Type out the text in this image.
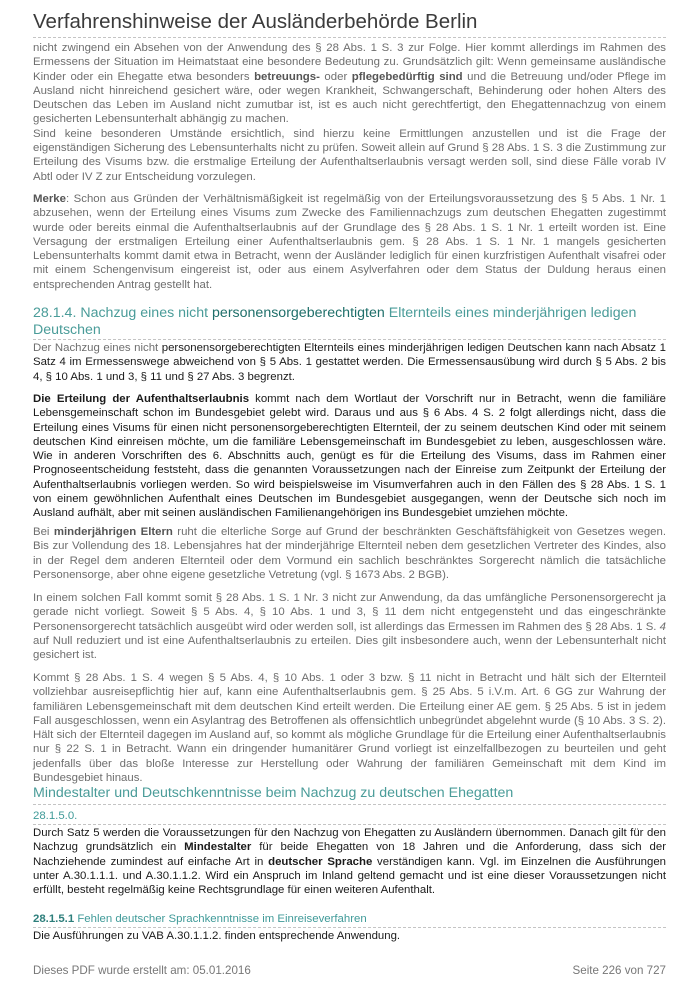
Verfahrenshinweise der Ausländerbehörde Berlin

nicht zwingend ein Absehen von der Anwendung des § 28 Abs. 1 S. 3 zur Folge. Hier kommt allerdings im Rahmen des Ermessens der Situation im Heimatstaat eine besondere Bedeutung zu. Grundsätzlich gilt: Wenn gemeinsame ausländische Kinder oder ein Ehegatte etwa besonders betreuungs- oder pflegebedürftig sind und die Betreuung und/oder Pflege im Ausland nicht hinreichend gesichert wäre, oder wegen Krankheit, Schwangerschaft, Behinderung oder hohen Alters des Deutschen das Leben im Ausland nicht zumutbar ist, ist es auch nicht gerechtfertigt, den Ehegattennachzug von einem gesicherten Lebensunterhalt abhängig zu machen.

Sind keine besonderen Umstände ersichtlich, sind hierzu keine Ermittlungen anzustellen und ist die Frage der eigenständigen Sicherung des Lebensunterhalts nicht zu prüfen. Soweit allein auf Grund § 28 Abs. 1 S. 3 die Zustimmung zur Erteilung des Visums bzw. die erstmalige Erteilung der Aufenthaltserlaubnis versagt werden soll, sind diese Fälle vorab IV Abtl oder IV Z zur Entscheidung vorzulegen.

Merke: Schon aus Gründen der Verhältnismäßigkeit ist regelmäßig von der Erteilungsvoraussetzung des § 5 Abs. 1 Nr. 1 abzusehen, wenn der Erteilung eines Visums zum Zwecke des Familiennachzugs zum deutschen Ehegatten zugestimmt wurde oder bereits einmal die Aufenthaltserlaubnis auf der Grundlage des § 28 Abs. 1 S. 1 Nr. 1 erteilt worden ist. Eine Versagung der erstmaligen Erteilung einer Aufenthaltserlaubnis gem. § 28 Abs. 1 S. 1 Nr. 1 mangels gesicherten Lebensunterhalts kommt damit etwa in Betracht, wenn der Ausländer lediglich für einen kurzfristigen Aufenthalt visafrei oder mit einem Schengenvisum eingereist ist, oder aus einem Asylverfahren oder dem Status der Duldung heraus einen entsprechenden Antrag gestellt hat.

28.1.4. Nachzug eines nicht personensorgeberechtigten Elternteils eines minderjährigen ledigen Deutschen

Der Nachzug eines nicht personensorgeberechtigten Elternteils eines minderjährigen ledigen Deutschen kann nach Absatz 1 Satz 4 im Ermessenswege abweichend von § 5 Abs. 1 gestattet werden. Die Ermessensausübung wird durch § 5 Abs. 2 bis 4, § 10 Abs. 1 und 3, § 11 und § 27 Abs. 3 begrenzt.

Die Erteilung der Aufenthaltserlaubnis kommt nach dem Wortlaut der Vorschrift nur in Betracht, wenn die familiäre Lebensgemeinschaft schon im Bundesgebiet gelebt wird. Daraus und aus § 6 Abs. 4 S. 2 folgt allerdings nicht, dass die Erteilung eines Visums für einen nicht personensorgeberechtigten Elternteil, der zu seinem deutschen Kind oder mit seinem deutschen Kind einreisen möchte, um die familiäre Lebensgemeinschaft im Bundesgebiet zu leben, ausgeschlossen wäre. Wie in anderen Vorschriften des 6. Abschnitts auch, genügt es für die Erteilung des Visums, dass im Rahmen einer Prognoseentscheidung feststeht, dass die genannten Voraussetzungen nach der Einreise zum Zeitpunkt der Erteilung der Aufenthaltserlaubnis vorliegen werden. So wird beispielsweise im Visumverfahren auch in den Fällen des § 28 Abs. 1 S. 1 von einem gewöhnlichen Aufenthalt eines Deutschen im Bundesgebiet ausgegangen, wenn der Deutsche sich noch im Ausland aufhält, aber mit seinen ausländischen Familienangehörigen ins Bundesgebiet umziehen möchte.

Bei minderjährigen Eltern ruht die elterliche Sorge auf Grund der beschränkten Geschäftsfähigkeit von Gesetzes wegen. Bis zur Vollendung des 18. Lebensjahres hat der minderjährige Elternteil neben dem gesetzlichen Vertreter des Kindes, also in der Regel dem anderen Elternteil oder dem Vormund ein sachlich beschränktes Sorgerecht nämlich die tatsächliche Personensorge, aber ohne eigene gesetzliche Vetretung (vgl. § 1673 Abs. 2 BGB).

In einem solchen Fall kommt somit § 28 Abs. 1 S. 1 Nr. 3 nicht zur Anwendung, da das umfängliche Personensorgerecht ja gerade nicht vorliegt. Soweit § 5 Abs. 4, § 10 Abs. 1 und 3, § 11 dem nicht entgegensteht und das eingeschränkte Personensorgerecht tatsächlich ausgeübt wird oder werden soll, ist allerdings das Ermessen im Rahmen des § 28 Abs. 1 S. 4 auf Null reduziert und ist eine Aufenthaltserlaubnis zu erteilen. Dies gilt insbesondere auch, wenn der Lebensunterhalt nicht gesichert ist.

Kommt § 28 Abs. 1 S. 4 wegen § 5 Abs. 4, § 10 Abs. 1 oder 3 bzw. § 11 nicht in Betracht und hält sich der Elternteil vollziehbar ausreisepflichtig hier auf, kann eine Aufenthaltserlaubnis gem. § 25 Abs. 5 i.V.m. Art. 6 GG zur Wahrung der familiären Lebensgemeinschaft mit dem deutschen Kind erteilt werden. Die Erteilung einer AE gem. § 25 Abs. 5 ist in jedem Fall ausgeschlossen, wenn ein Asylantrag des Betroffenen als offensichtlich unbegründet abgelehnt wurde (§ 10 Abs. 3 S. 2). Hält sich der Elternteil dagegen im Ausland auf, so kommt als mögliche Grundlage für die Erteilung einer Aufenthaltserlaubnis nur § 22 S. 1 in Betracht. Wann ein dringender humanitärer Grund vorliegt ist einzelfallbezogen zu beurteilen und geht jedenfalls über das bloße Interesse zur Herstellung oder Wahrung der familiären Gemeinschaft mit dem Kind im Bundesgebiet hinaus.

Mindestalter und Deutschkenntnisse beim Nachzug zu deutschen Ehegatten
28.1.5.0.

Durch Satz 5 werden die Voraussetzungen für den Nachzug von Ehegatten zu Ausländern übernommen. Danach gilt für den Nachzug grundsätzlich ein Mindestalter für beide Ehegatten von 18 Jahren und die Anforderung, dass sich der Nachziehende zumindest auf einfache Art in deutscher Sprache verständigen kann. Vgl. im Einzelnen die Ausführungen unter A.30.1.1.1. und A.30.1.1.2. Wird ein Anspruch im Inland geltend gemacht und ist eine dieser Voraussetzungen nicht erfüllt, besteht regelmäßig keine Rechtsgrundlage für einen weiteren Aufenthalt.

28.1.5.1 Fehlen deutscher Sprachkenntnisse im Einreiseverfahren
Die Ausführungen zu VAB A.30.1.1.2. finden entsprechende Anwendung.
Dieses PDF wurde erstellt am: 05.01.2016	Seite 226 von 727
